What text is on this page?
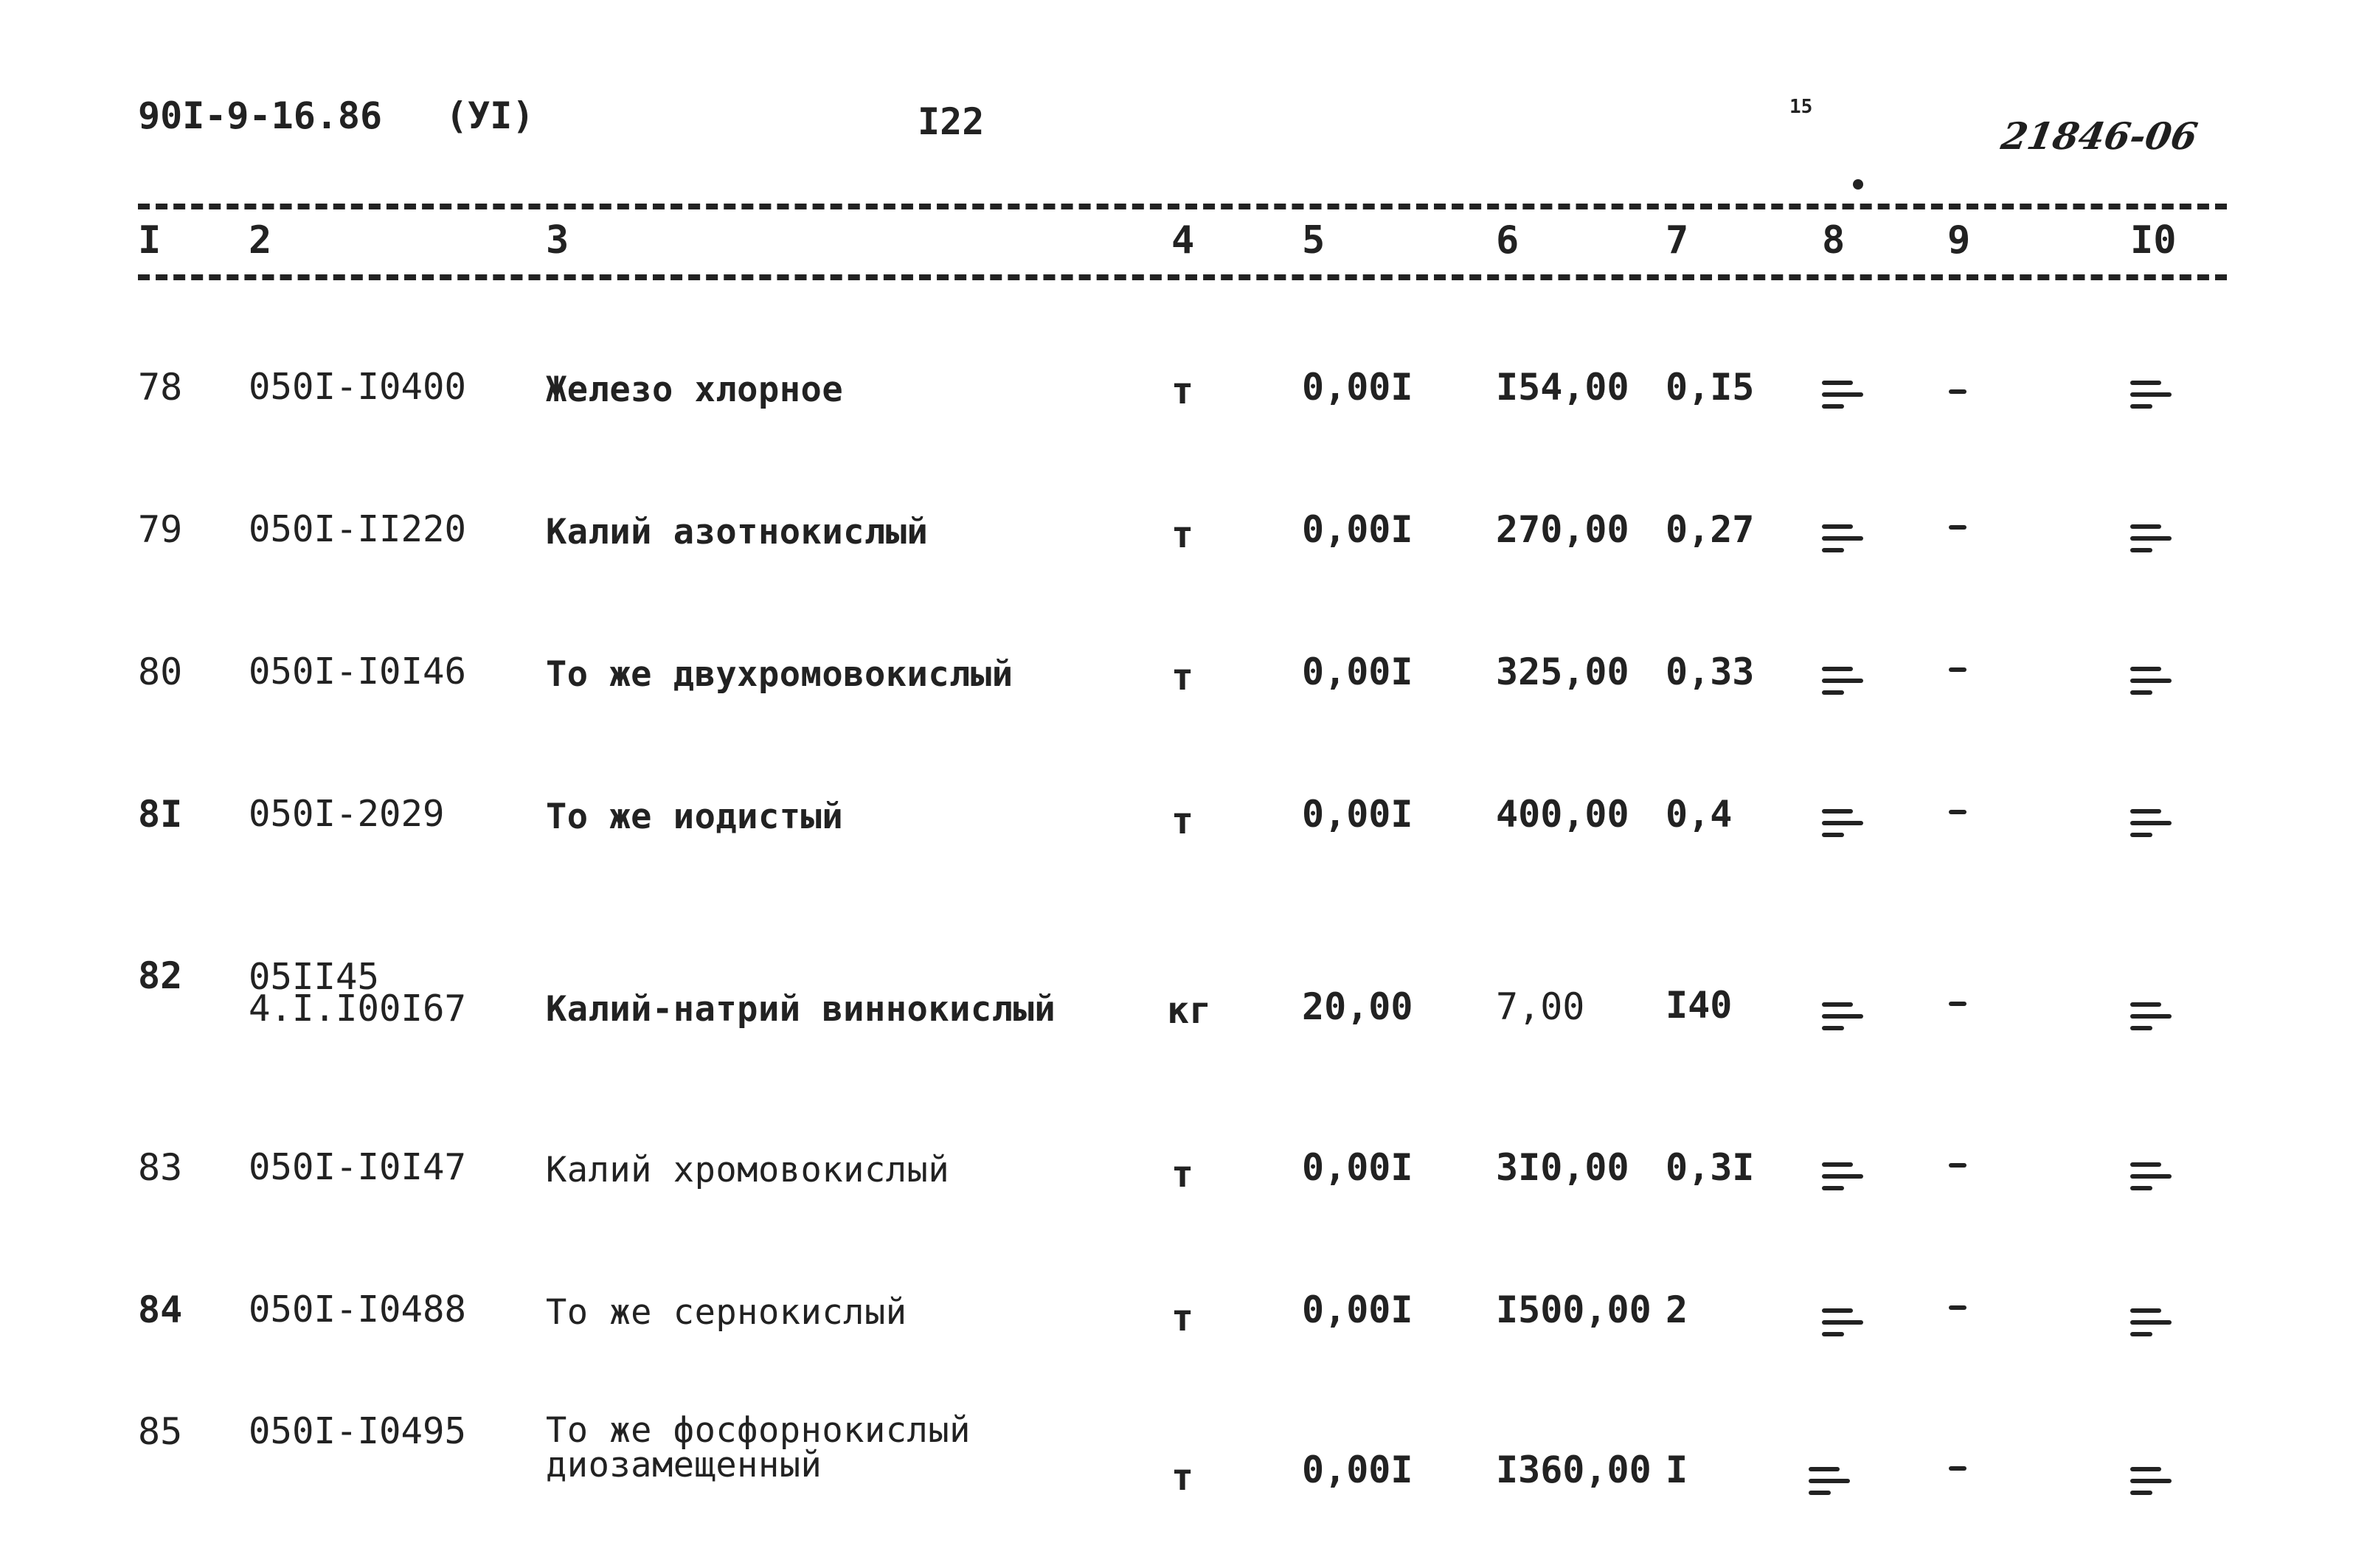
90I-9-16.86 (УI)	I22	15
21846-06
I 2	3	4	5	6	7	8	9	I0
78 050I-I0400 Железо хлорное	т	0,00I I54,00 0,I5
79 050I-II220 Калий азотнокислый	т	0,00I 270,00 0,27
80 050I-I0I46 То же двухромовокислый	т	0,00I 325,00 0,33
8I 050I-2029	То же иодистый	т	0,00I 400,00 0,4
82 05II45
4.I.I00I67 Калий-натрий виннокислый	кг 20,00 7,00 I40
83 050I-I0I47 Калий хромовокислый	т	0,00I 3I0,00 0,3I
84 050I-I0488 То же сернокислый	т	0,00I I500,00 2
85 050I-I0495 То же фосфорнокислый
диозамещенный	т	0,00I I360,00 I
